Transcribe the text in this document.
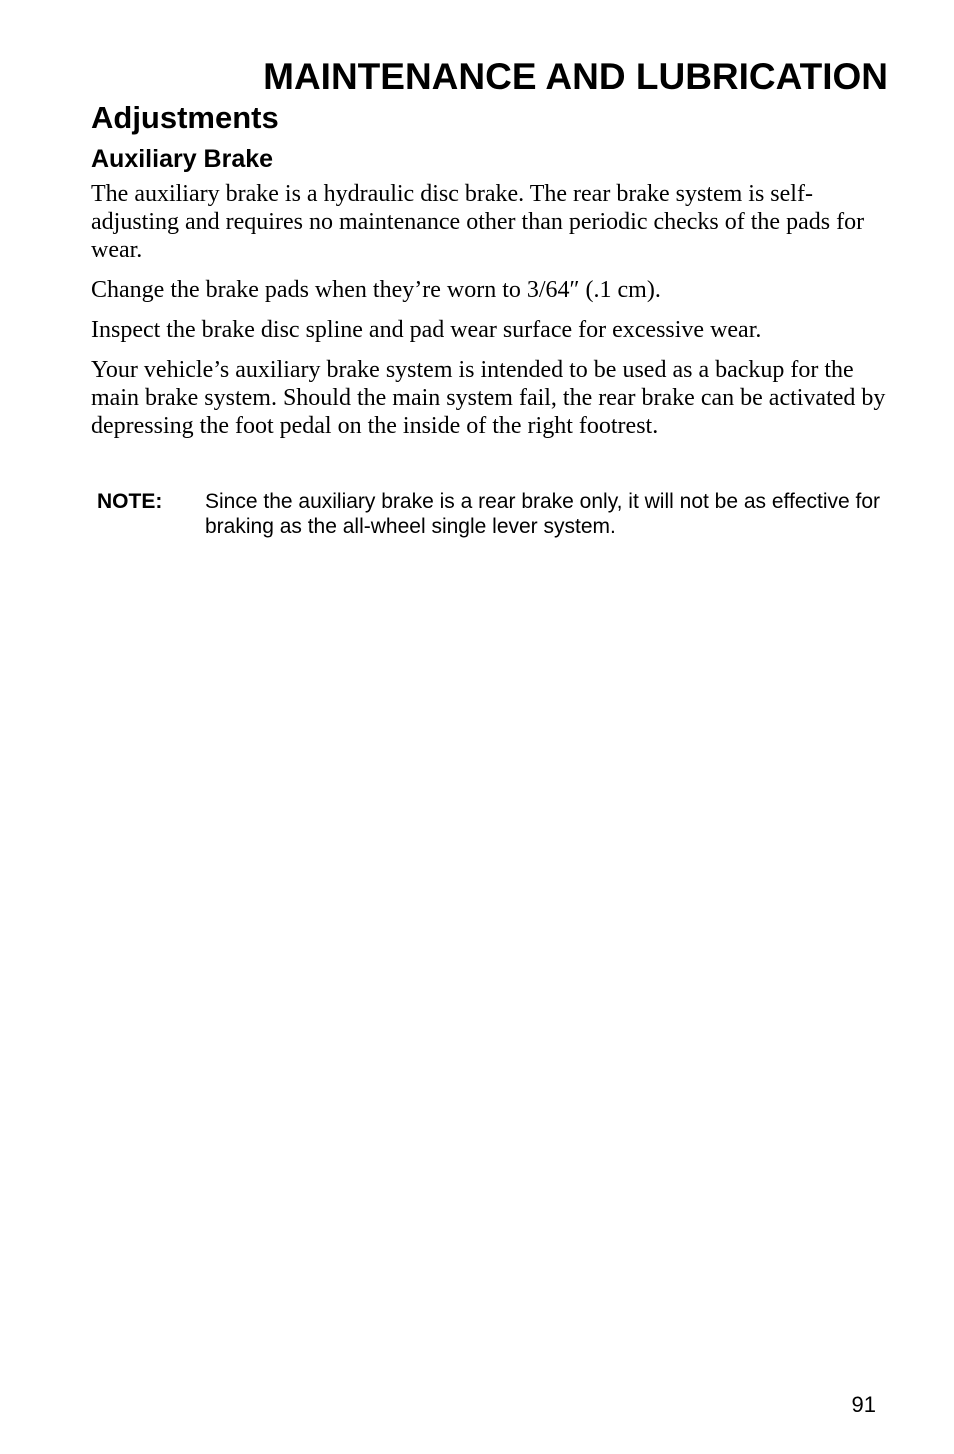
MAINTENANCE AND LUBRICATION
Adjustments
Auxiliary Brake

The auxiliary brake is a hydraulic disc brake. The rear brake system is self-adjusting and requires no maintenance other than periodic checks of the pads for wear.

Change the brake pads when they’re worn to 3/64″ (.1 cm).

Inspect the brake disc spline and pad wear surface for excessive wear.

Your vehicle’s auxiliary brake system is intended to be used as a backup for the main brake system. Should the main system fail, the rear brake can be activated by depressing the foot pedal on the inside of the right footrest.

NOTE:	Since the auxiliary brake is a rear brake only, it will not be as effective for braking as the all-wheel single lever system.
91
